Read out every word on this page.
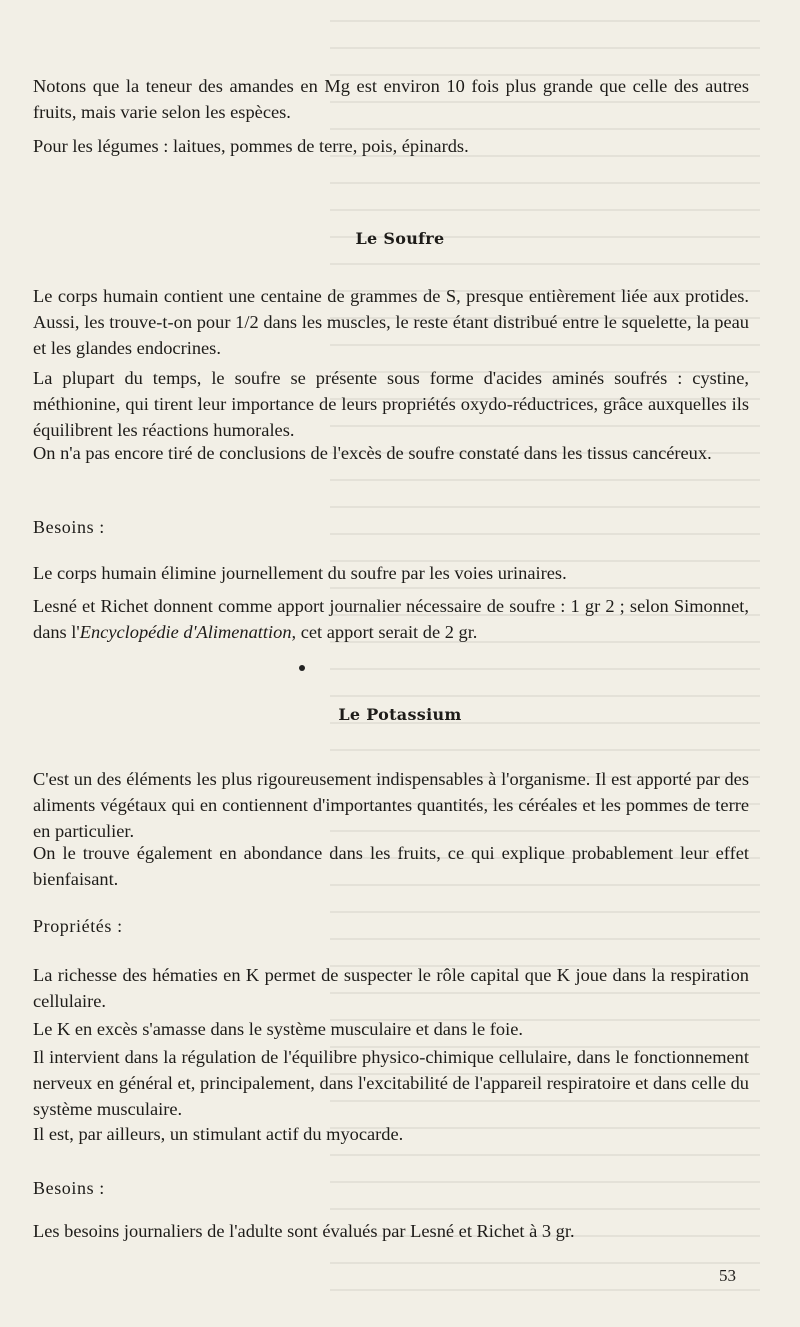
Notons que la teneur des amandes en Mg est environ 10 fois plus grande que celle des autres fruits, mais varie selon les espèces.

Pour les légumes : laitues, pommes de terre, pois, épinards.

Le Soufre

Le corps humain contient une centaine de grammes de S, presque entièrement liée aux protides. Aussi, les trouve-t-on pour 1/2 dans les muscles, le reste étant distribué entre le squelette, la peau et les glandes endocrines.

La plupart du temps, le soufre se présente sous forme d'acides aminés soufrés : cystine, méthionine, qui tirent leur importance de leurs propriétés oxydo-réductrices, grâce auxquelles ils équilibrent les réactions humorales.

On n'a pas encore tiré de conclusions de l'excès de soufre constaté dans les tissus cancéreux.

Besoins :

Le corps humain élimine journellement du soufre par les voies urinaires.

Lesné et Richet donnent comme apport journalier nécessaire de soufre : 1 gr 2 ; selon Simonnet, dans l'Encyclopédie d'Alimenattion, cet apport serait de 2 gr.

Le Potassium

C'est un des éléments les plus rigoureusement indispensables à l'organisme. Il est apporté par des aliments végétaux qui en contiennent d'importantes quantités, les céréales et les pommes de terre en particulier.

On le trouve également en abondance dans les fruits, ce qui explique probablement leur effet bienfaisant.

Propriétés :

La richesse des hématies en K permet de suspecter le rôle capital que K joue dans la respiration cellulaire.

Le K en excès s'amasse dans le système musculaire et dans le foie.

Il intervient dans la régulation de l'équilibre physico-chimique cellulaire, dans le fonctionnement nerveux en général et, principalement, dans l'excitabilité de l'appareil respiratoire et dans celle du système musculaire.

Il est, par ailleurs, un stimulant actif du myocarde.

Besoins :

Les besoins journaliers de l'adulte sont évalués par Lesné et Richet à 3 gr.

53
